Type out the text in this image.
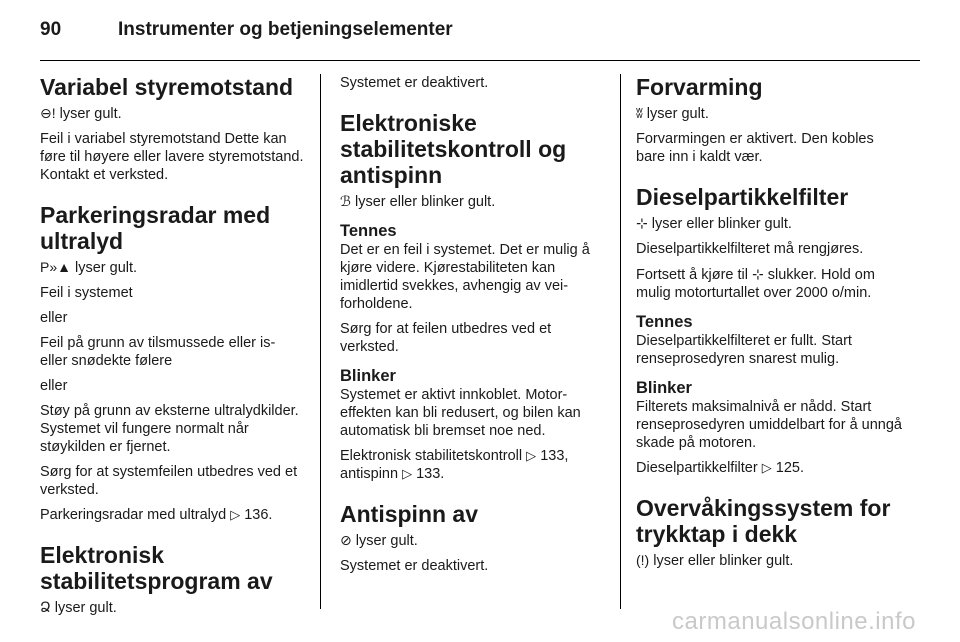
90	Instrumenter og betjeningselementer
Variabel styremotstand

⊖! lyser gult.

Feil i variabel styremotstand Dette kan føre til høyere eller lavere styremotstand. Kontakt et verksted.

Parkeringsradar med ultralyd

P»▲ lyser gult.

Feil i systemet

eller

Feil på grunn av tilsmussede eller is- eller snødekte følere

eller

Støy på grunn av eksterne ultralydkilder. Systemet vil fungere normalt når støykilden er fjernet.

Sørg for at systemfeilen utbedres ved et verksted.

Parkeringsradar med ultralyd ▷ 136.

Elektronisk stabilitetsprogram av

Ձ lyser gult.

Systemet er deaktivert.

Elektroniske stabilitetskontroll og antispinn

ℬ lyser eller blinker gult.

Tennes

Det er en feil i systemet. Det er mulig å kjøre videre. Kjørestabiliteten kan imidlertid svekkes, avhengig av veiforholdene.

Sørg for at feilen utbedres ved et verksted.

Blinker

Systemet er aktivt innkoblet. Motoreffekten kan bli redusert, og bilen kan automatisk bli bremset noe ned.

Elektronisk stabilitetskontroll ▷ 133,
antispinn ▷ 133.

Antispinn av

⊘ lyser gult.

Systemet er deaktivert.

Forvarming

ʬ lyser gult.

Forvarmingen er aktivert. Den kobles bare inn i kaldt vær.

Dieselpartikkelfilter

⊹ lyser eller blinker gult.

Dieselpartikkelfilteret må rengjøres.

Fortsett å kjøre til ⊹ slukker. Hold om mulig motorturtallet over 2000 o/min.

Tennes

Dieselpartikkelfilteret er fullt. Start renseprosedyren snarest mulig.

Blinker

Filterets maksimalnivå er nådd. Start renseprosedyren umiddelbart for å unngå skade på motoren.

Dieselpartikkelfilter ▷ 125.

Overvåkingssystem for trykktap i dekk

(!) lyser eller blinker gult.

carmanualsonline.info
